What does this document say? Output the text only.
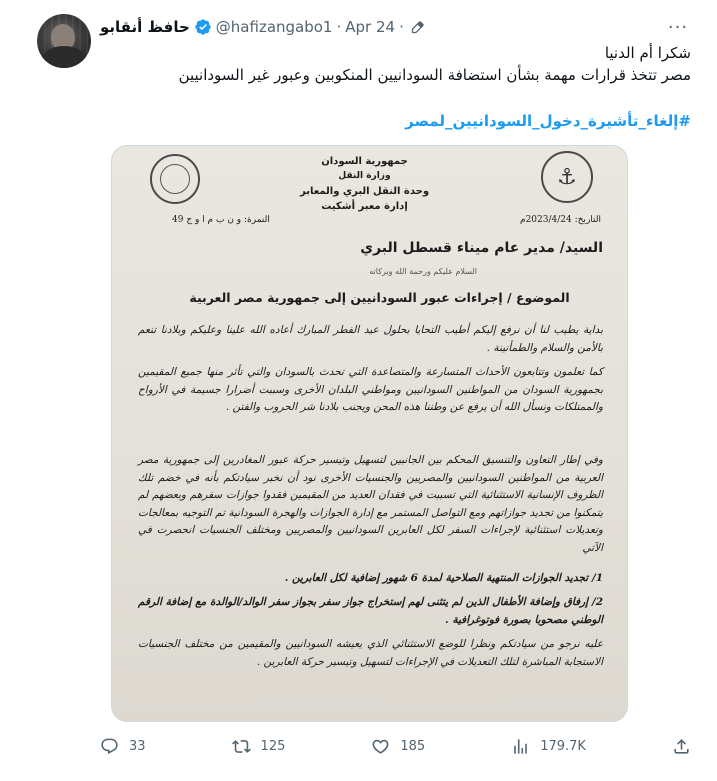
حافظ أنقابو @hafizangabo1 · Apr 24 ·	···
شكرا أم الدنيا
مصر تتخذ قرارات مهمة بشأن استضافة السودانيين المنكوبين وعبور غير السودانيين
#إلغاء_تأشيرة_دخول_السودانيين_لمصر
⚓
جمهورية السودان
وزارة النقل
وحدة النقل البري والمعابر
إدارة معبر أشكيت
التاريخ: 2023/4/24م
النمرة: و ن ب م ا و ج 49
السيد/ مدير عام ميناء قسطل البري
السلام عليكم ورحمة الله وبركاته
الموضوع / إجراءات عبور السودانيين إلى جمهورية مصر العربية
بداية يطيب لنا أن نرفع إليكم أطيب التحايا بحلول عيد الفطر المبارك أعاده الله علينا وعليكم وبلادنا تنعم بالأمن والسلام والطمأنينة .
كما تعلمون وتتابعون الأحداث المتسارعة والمتصاعدة التي تحدث بالسودان والتي تأثر منها جميع المقيمين بجمهورية السودان من المواطنين السودانيين ومواطني البلدان الأخرى وسببت أضرارا جسيمة في الأرواح والممتلكات ونسأل الله أن يرفع عن وطننا هذه المحن ويجنب بلادنا شر الحروب والفتن .
وفي إطار التعاون والتنسيق المحكم بين الجانبين لتسهيل وتيسير حركة عبور المغادرين إلى جمهورية مصر العربية من المواطنين السودانيين والمصريين والجنسيات الأخرى نود أن نخبر سيادتكم بأنه في خضم تلك الظروف الإنسانية الاستثنائية التي تسببت في فقدان العديد من المقيمين فقدوا جوازات سفرهم وبعضهم لم يتمكنوا من تجديد جوازاتهم ومع التواصل المستمر مع إدارة الجوازات والهجرة السودانية تم التوجيه بمعالجات وتعديلات استثنائية لإجراءات السفر لكل العابرين السودانيين والمصريين ومختلف الجنسيات انحصرت في الآتي
1/ تجديد الجوازات المنتهية الصلاحية لمدة 6 شهور إضافية لكل العابرين .
2/ إرفاق وإضافة الأطفال الذين لم يتثنى لهم إستخراج جواز سفر بجواز سفر الوالد/الوالدة مع إضافة الرقم الوطني مصحوبا بصورة فوتوغرافية .
عليه نرجو من سيادتكم ونظرا للوضع الاستثنائي الذي يعيشه السودانيين والمقيمين من مختلف الجنسيات الاستجابة المباشرة لتلك التعديلات في الإجراءات لتسهيل وتيسير حركة العابرين .
33	125	185	179.7K
